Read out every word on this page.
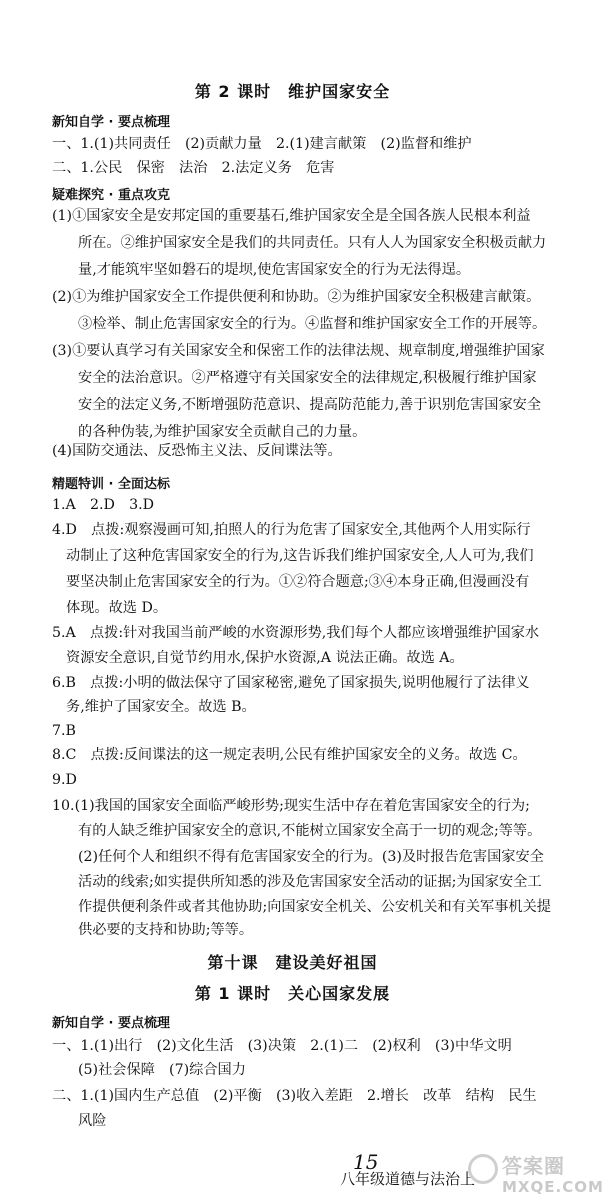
第 2 课时　维护国家安全
新知自学 · 要点梳理
一、1.(1)共同责任　(2)贡献力量　2.(1)建言献策　(2)监督和维护
二、1.公民　保密　法治　2.法定义务　危害
疑难探究 · 重点攻克
(1)①国家安全是安邦定国的重要基石,维护国家安全是全国各族人民根本利益
所在。②维护国家安全是我们的共同责任。只有人人为国家安全积极贡献力
量,才能筑牢坚如磐石的堤坝,使危害国家安全的行为无法得逞。
(2)①为维护国家安全工作提供便利和协助。②为维护国家安全积极建言献策。
③检举、制止危害国家安全的行为。④监督和维护国家安全工作的开展等。
(3)①要认真学习有关国家安全和保密工作的法律法规、规章制度,增强维护国家
安全的法治意识。②严格遵守有关国家安全的法律规定,积极履行维护国家
安全的法定义务,不断增强防范意识、提高防范能力,善于识别危害国家安全
的各种伪装,为维护国家安全贡献自己的力量。
(4)国防交通法、反恐怖主义法、反间谍法等。
精题特训 · 全面达标
1.A　2.D　3.D
4.D　点拨:观察漫画可知,拍照人的行为危害了国家安全,其他两个人用实际行
动制止了这种危害国家安全的行为,这告诉我们维护国家安全,人人可为,我们
要坚决制止危害国家安全的行为。①②符合题意;③④本身正确,但漫画没有
体现。故选 D。
5.A　点拨:针对我国当前严峻的水资源形势,我们每个人都应该增强维护国家水
资源安全意识,自觉节约用水,保护水资源,A 说法正确。故选 A。
6.B　点拨:小明的做法保守了国家秘密,避免了国家损失,说明他履行了法律义
务,维护了国家安全。故选 B。
7.B
8.C　点拨:反间谍法的这一规定表明,公民有维护国家安全的义务。故选 C。
9.D
10.(1)我国的国家安全面临严峻形势;现实生活中存在着危害国家安全的行为;
有的人缺乏维护国家安全的意识,不能树立国家安全高于一切的观念;等等。
(2)任何个人和组织不得有危害国家安全的行为。(3)及时报告危害国家安全
活动的线索;如实提供所知悉的涉及危害国家安全活动的证据;为国家安全工
作提供便利条件或者其他协助;向国家安全机关、公安机关和有关军事机关提
供必要的支持和协助;等等。
第十课　建设美好祖国
第 1 课时　关心国家发展
新知自学 · 要点梳理
一、1.(1)出行　(2)文化生活　(3)决策　2.(1)二　(2)权利　(3)中华文明
(5)社会保障　(7)综合国力
二、1.(1)国内生产总值　(2)平衡　(3)收入差距　2.增长　改革　结构　民生
风险
15
八年级道德与法治上
答案圈
MXQE.COM
